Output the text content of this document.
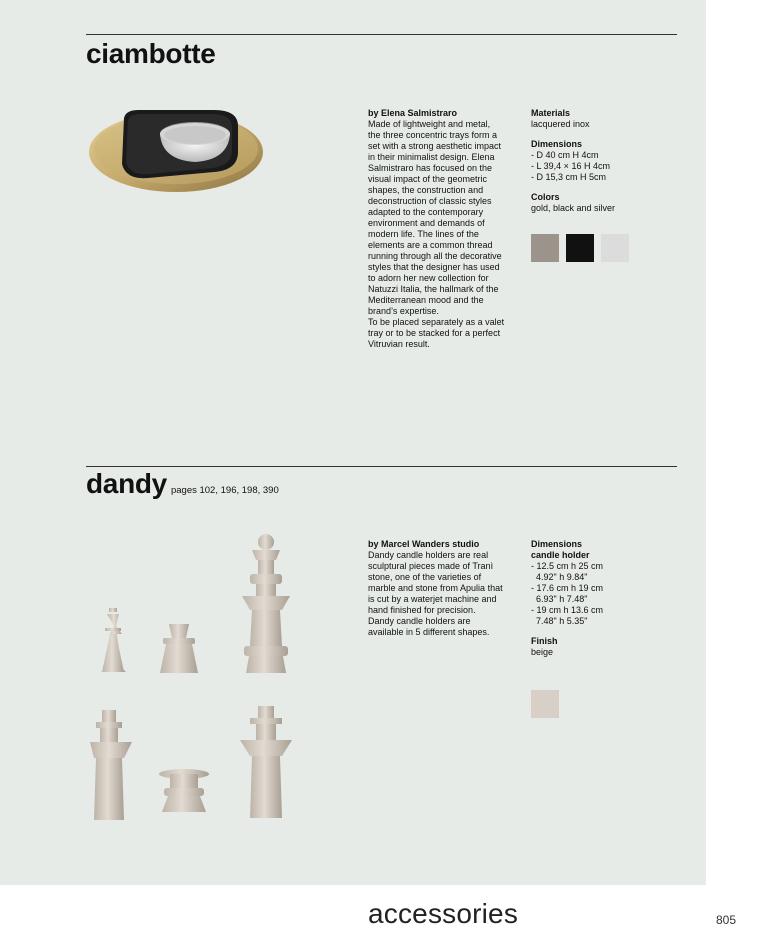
ciambotte

by Elena Salmistraro

Made of lightweight and metal,
the three concentric trays form a
set with a strong aesthetic impact
in their minimalist design. Elena
Salmistraro has focused on the
visual impact of the geometric
shapes, the construction and
deconstruction of classic styles
adapted to the contemporary
environment and demands of
modern life. The lines of the
elements are a common thread
running through all the decorative
styles that the designer has used
to adorn her new collection for
Natuzzi Italia, the hallmark of the
Mediterranean mood and the
brand’s expertise.
To be placed separately as a valet
tray or to be stacked for a perfect
Vitruvian result.

Materials

lacquered inox

Dimensions

- D 40 cm H 4cm
- L 39,4 × 16 H 4cm
- D 15,3 cm H 5cm

Colors

gold, black and silver

dandy pages 102, 196, 198, 390

by Marcel Wanders studio

Dandy candle holders are real
sculptural pieces made of Tranì
stone, one of the varieties of
marble and stone from Apulia that
is cut by a waterjet machine and
hand finished for precision.
Dandy candle holders are
available in 5 different shapes.

Dimensions

candle holder

- 12.5 cm h 25 cm
4.92" h 9.84"
- 17.6 cm h 19 cm
6.93" h 7.48"
- 19 cm h 13.6 cm
7.48" h 5.35"

Finish

beige

accessories	805
